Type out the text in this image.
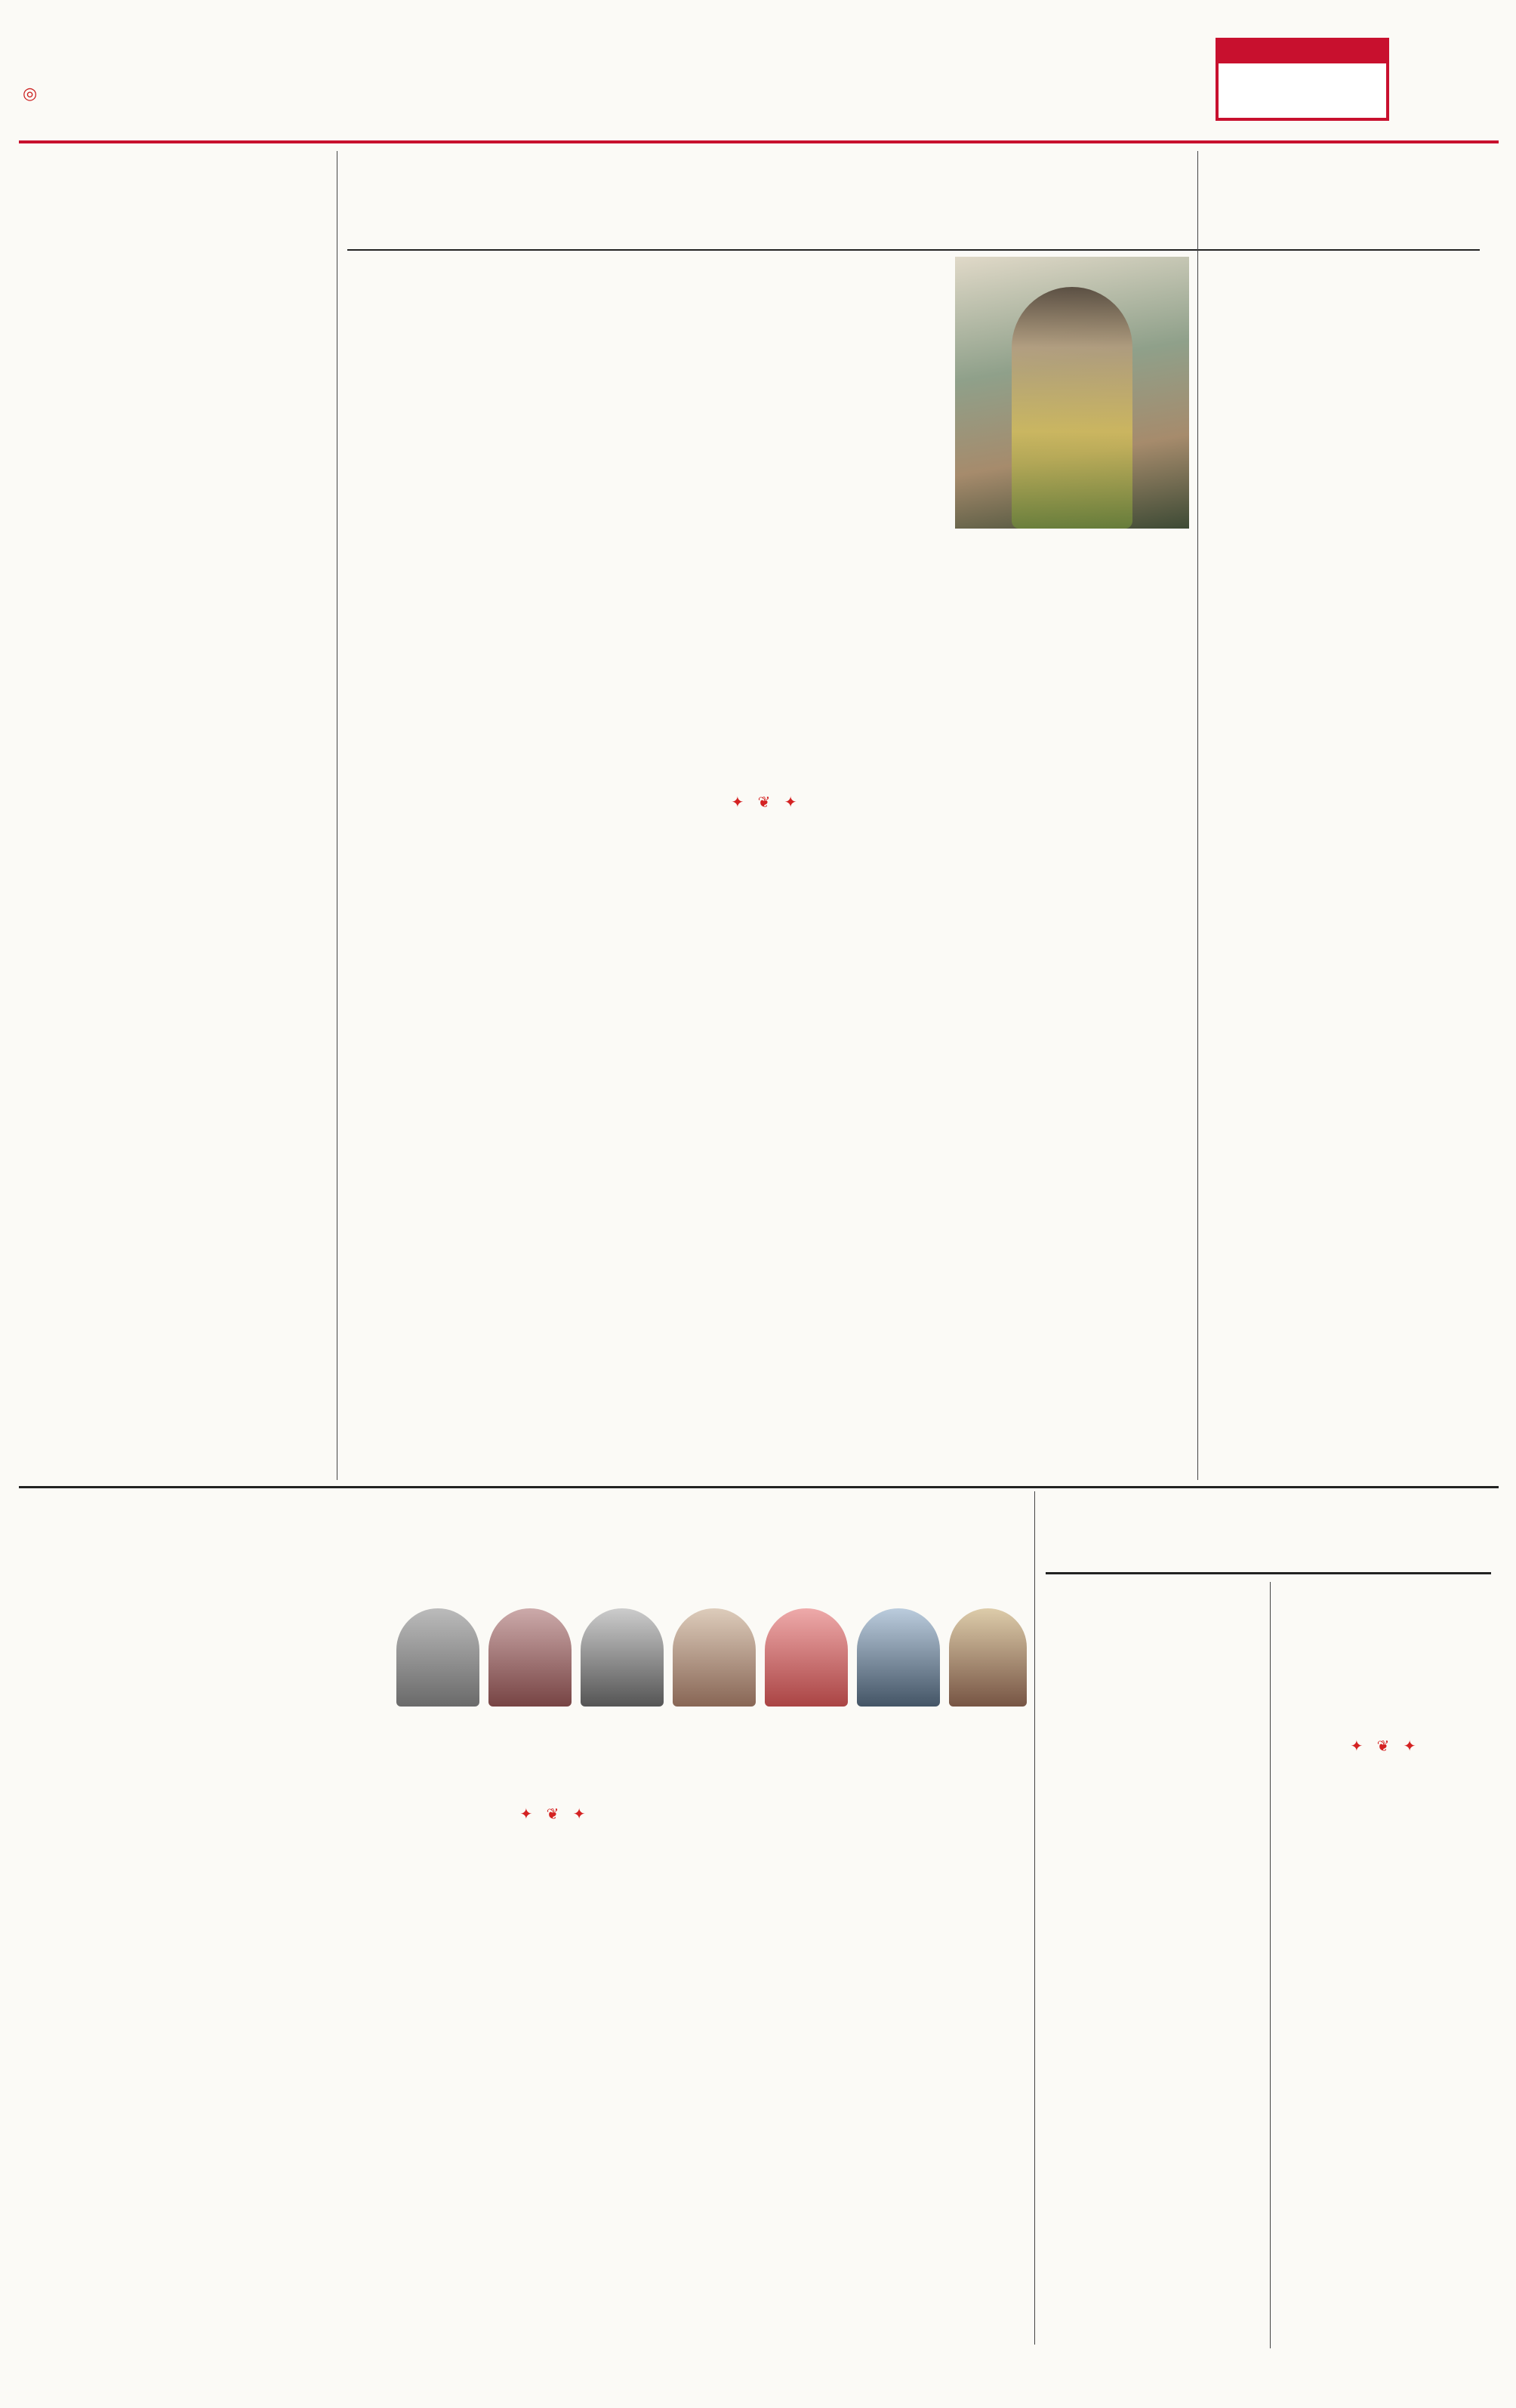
◎
✦ ❦ ✦
✦ ❦ ✦
✦ ❦ ✦
